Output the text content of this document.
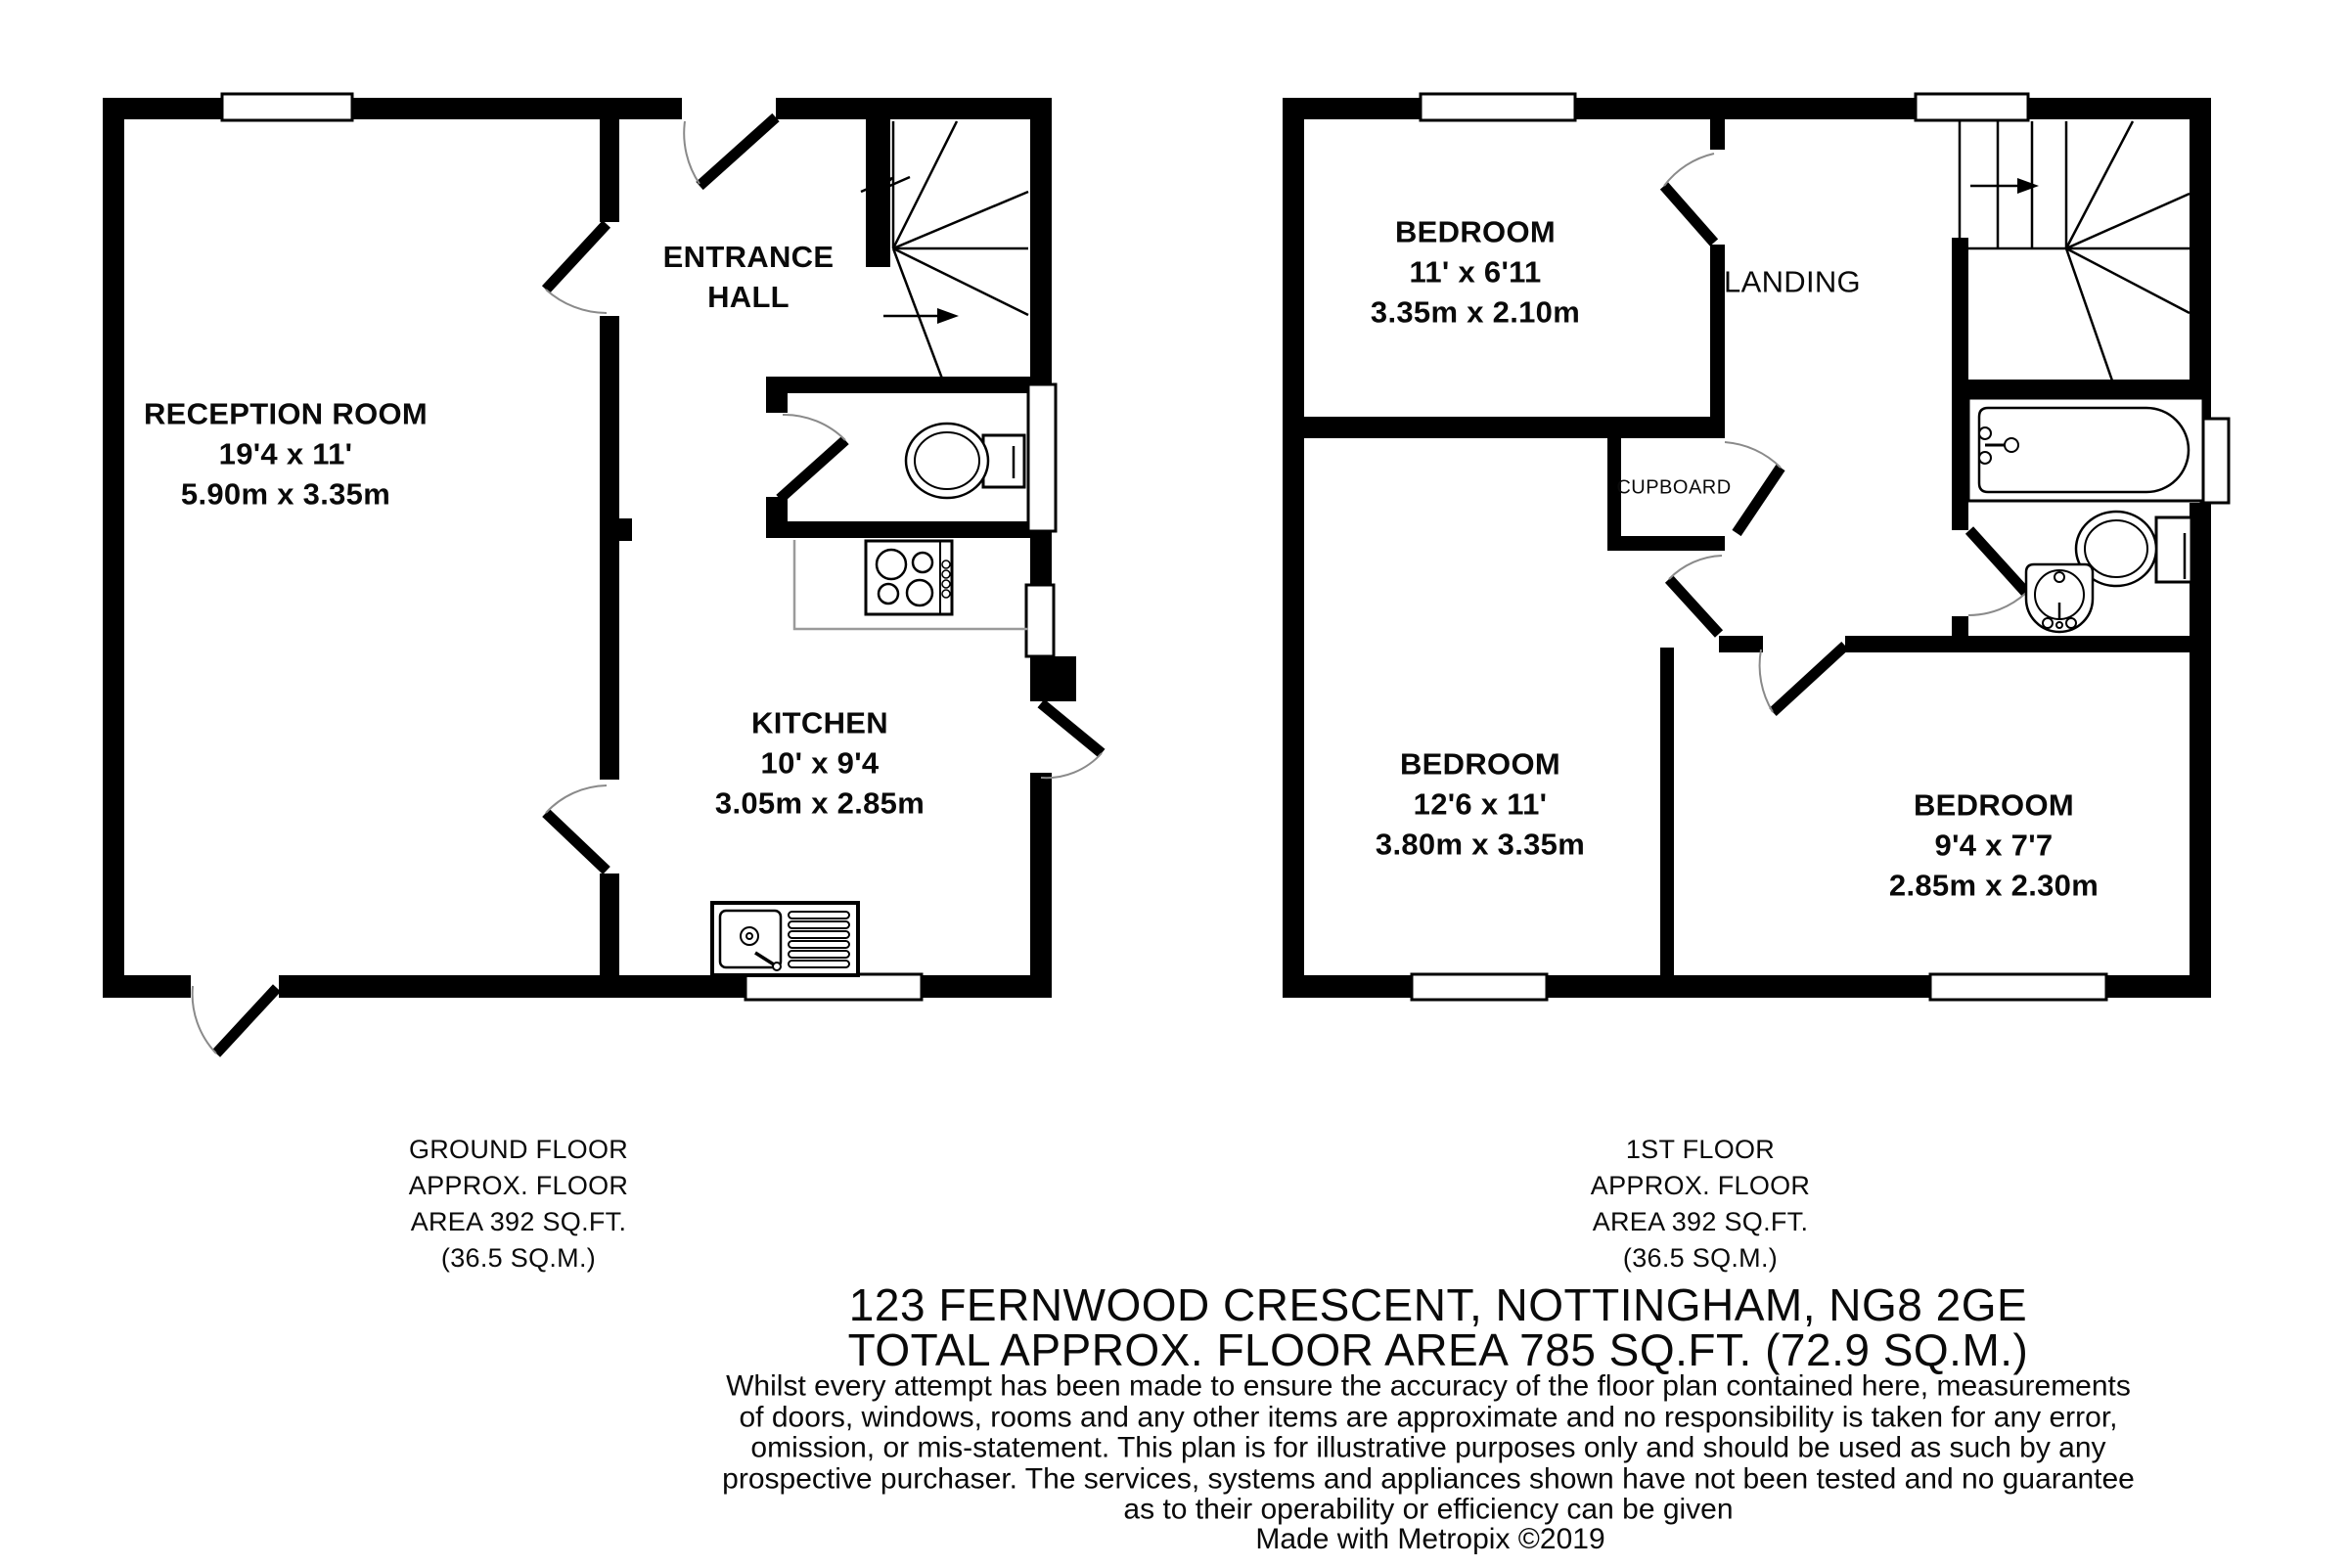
RECEPTION ROOM
19'4 x 11'
5.90m x 3.35m
ENTRANCE
HALL
KITCHEN
10' x 9'4
3.05m x 2.85m
BEDROOM
11' x 6'11
3.35m x 2.10m
LANDING
CUPBOARD
BEDROOM
12'6 x 11'
3.80m x 3.35m
BEDROOM
9'4 x 7'7
2.85m x 2.30m
GROUND FLOOR
APPROX. FLOOR
AREA 392 SQ.FT.
(36.5 SQ.M.)
1ST FLOOR
APPROX. FLOOR
AREA 392 SQ.FT.
(36.5 SQ.M.)
123 FERNWOOD CRESCENT, NOTTINGHAM, NG8 2GE
TOTAL APPROX. FLOOR AREA 785 SQ.FT. (72.9 SQ.M.)
Whilst every attempt has been made to ensure the accuracy of the floor plan contained here, measurements
of doors, windows, rooms and any other items are approximate and no responsibility is taken for any error,
omission, or mis-statement. This plan is for illustrative purposes only and should be used as such by any
prospective purchaser. The services, systems and appliances shown have not been tested and no guarantee
as to their operability or efficiency can be given
Made with Metropix ©2019
